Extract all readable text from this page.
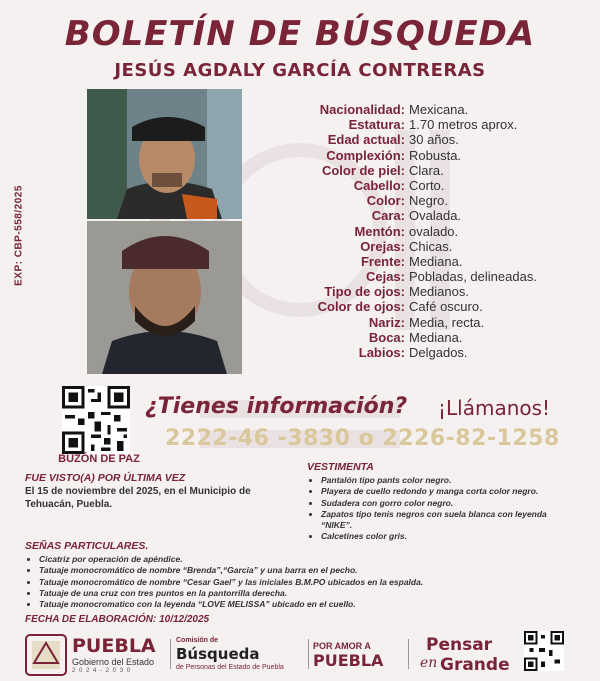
BOLETÍN DE BÚSQUEDA
JESÚS AGDALY GARCÍA CONTRERAS
EXP: CBP-558/2025
Nacionalidad: Mexicana.
Estatura: 1.70 metros aprox.
Edad actual: 30 años.
Complexión: Robusta.
Color de piel: Clara.
Cabello: Corto.
Color: Negro.
Cara: Ovalada.
Mentón: ovalado.
Orejas: Chicas.
Frente: Mediana.
Cejas: Pobladas, delineadas.
Tipo de ojos: Medianos.
Color de ojos: Café oscuro.
Nariz: Media, recta.
Boca: Mediana.
Labios: Delgados.
BUZÓN DE PAZ
¿Tienes información? ¡Llámanos!
2222-46 -3830 o 2226-82-1258
FUE VISTO(A) POR ÚLTIMA VEZ
El 15 de noviembre del 2025, en el Municipio de Tehuacán, Puebla.
VESTIMENTA
• Pantalón tipo pants color negro.
• Playera de cuello redondo y manga corta color negro.
• Sudadera con gorro color negro.
• Zapatos tipo tenis negros con suela blanca con leyenda “NIKE”.
• Calcetines color gris.
SEÑAS PARTICULARES.
• Cicatriz por operación de apéndice.
• Tatuaje monocromático de nombre “Brenda”,“Garcia” y una barra en el pecho.
• Tatuaje monocromático de nombre “Cesar Gael” y las iniciales B.M.PO ubicados en la espalda.
• Tatuaje de una cruz con tres puntos en la pantorrilla derecha.
• Tatuaje monocromatico con la leyenda “LOVE MELISSA” ubicado en el cuello.
FECHA DE ELABORACIÓN: 10/12/2025
PUEBLA
Gobierno del Estado
2 0 2 4 - 2 0 3 0
Comisión de
Búsqueda
de Personas del Estado de Puebla
POR AMOR A
PUEBLA
Pensar
en Grande
